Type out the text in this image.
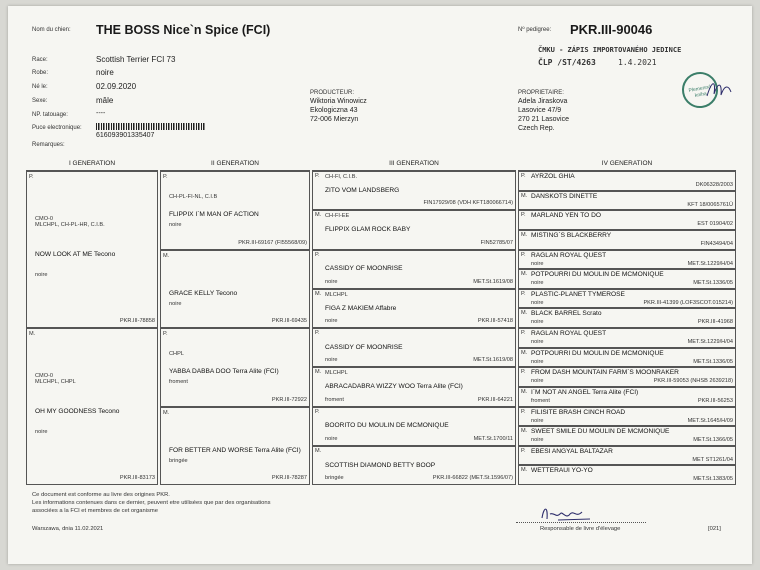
Nom du chien: THE BOSS Nice`n Spice (FCI)	Nº pedigree: PKR.III-90046
ČMKU - ZÁPIS IMPORTOVANÉHO JEDINCE
ČLP /ST/4263	1.4.2021
Plemenná kniha
Race:	Scottish Terrier FCI 73
Robe:	noire
Né le:	02.09.2020
Sexe:	mâle
NP. tatouage:	----
Puce electronique:
616093901335407
Remarques:
PRODUCTEUR:
Wiktoria Winowicz
Ekologiczna 43
72-006 Mierzyn
PROPRIETAIRE:
Adela Jiraskova
Lasovice 47/9
270 21 Lasovice
Czech Rep.
I GENERATION	II GENERATION	III GENERATION	IV GENERATION
P.
CMO-0
MLCHPL, CH-PL-HR, C.I.B.
NOW LOOK AT ME Tecono
noire
PKR.III-78858
M.
CMO-0
MLCHPL, CHPL
OH MY GOODNESS Tecono
noire
PKR.III-83173
P.
CH-PL-FI-NL, C.I.B
FLIPPIX I`M MAN OF ACTION
noire
PKR.III-69167 (FI55568/09)
M.
GRACE KELLY Tecono
noire
PKR.III-69435
P.
CHPL
YABBA DABBA DOO Terra Alite (FCI)
froment
PKR.III-72922
M.
FOR BETTER AND WORSE Terra Alite (FCI)
bringée
PKR.III-78287
P. CH-FI, C.I.B.
ZITO VOM LANDSBERG
FIN17929/08 (VDH KFT180066714)
M. CH-FI-EE
FLIPPIX GLAM ROCK BABY
FIN52785/07
P.
CASSIDY OF MOONRISE
noire	MET.St.1619/08
M. MLCHPL
FIGA Z MAKIEM Affabre
noire	PKR.III-57418
P.
CASSIDY OF MOONRISE
noire	MET.St.1619/08
M. MLCHPL
ABRACADABRA WIZZY WOO Terra Alite (FCI)
froment	PKR.III-64221
P.
BOORITO DU MOULIN DE MCMONIQUE
noire	MET.St.1700/11
M.
SCOTTISH DIAMOND BETTY BOOP
bringée	PKR.III-66822 (MET.St.1596/07)
P. AYRZOL GHIA
DK06328/2003
M. DANSKOTS DINETTE
KFT 18/0065761Ü
P. MARLAND YEN TO DO
EST 01904/02
M. MISTING`S BLACKBERRY
FIN43494/04
P. RAGLAN ROYAL QUEST
noire	MET.St.1229/H/04
M. POTPOURRI DU MOULIN DE MCMONIQUE
noire	MET.St.1336/05
P. PLASTIC-PLANET TYMEROSE
noire	PKR.III-41399 (LOF3SCOT.015214)
M. BLACK BARREL Scrato
noire	PKR.III-41968
P. RAGLAN ROYAL QUEST
noire	MET.St.1229/H/04
M. POTPOURRI DU MOULIN DE MCMONIQUE
noire	MET.St.1336/05
P. FROM DASH MOUNTAIN FARM`S MOONRAKER
noire	PKR.III-59053 (NHSB 2639218)
M. I`M NOT AN ANGEL Terra Alite (FCI)
froment	PKR.III-56253
P. FILISITE BRASH CINCH ROAD
noire	MET.St.1645/H/09
M. SWEET SMILE DU MOULIN DE MCMONIQUE
noire	MET.St.1366/05
P. EBESI ANGYAL BALTAZAR
MET ST1261/04
M. WETTERAUI YO-YO
MET.St.1383/05
Ce document est conforme au livre des origines PKR.
Les informations contenues dans ce dernier, peuvent etre utilisées que par des organisations
associées a la FCI et membres de cet organisme
Warszawa, dnia 11.02.2021	Responsable de livre d'élevage	[021]
